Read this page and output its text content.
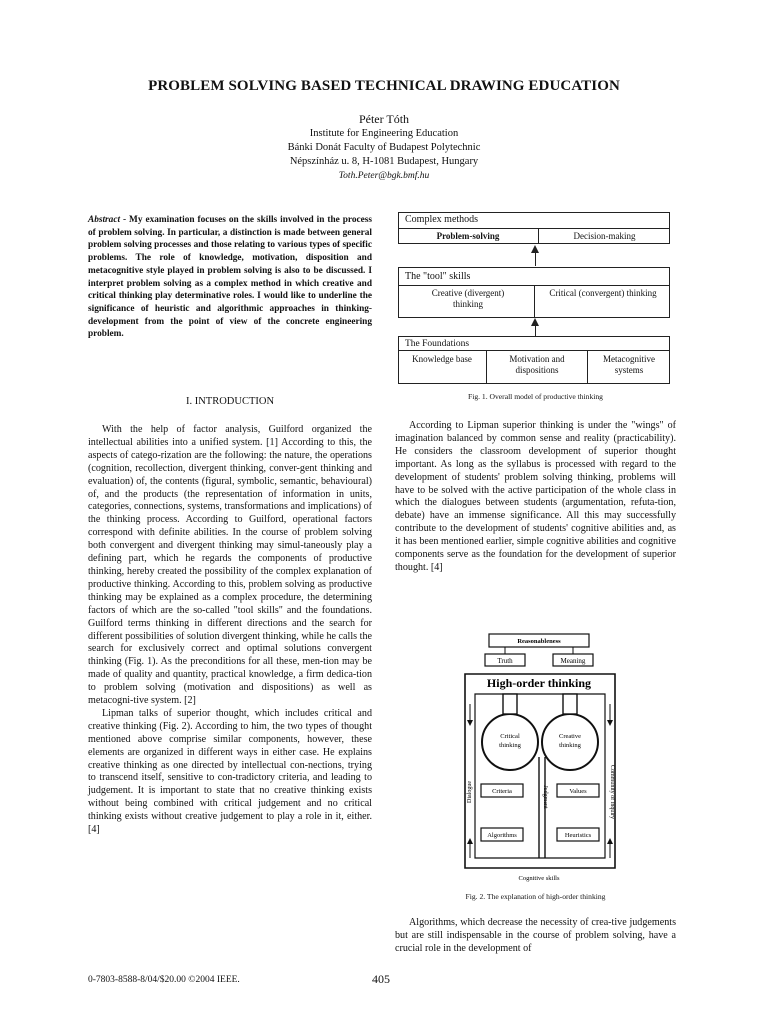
PROBLEM SOLVING BASED TECHNICAL DRAWING EDUCATION
Péter Tóth
Institute for Engineering Education
Bánki Donát Faculty of Budapest Polytechnic
Népszínház u. 8, H-1081 Budapest, Hungary
Toth.Peter@bgk.bmf.hu
Abstract - My examination focuses on the skills involved in the process of problem solving. In particular, a distinction is made between general problem solving processes and those relating to various types of specific problems. The role of knowledge, motivation, disposition and metacognitive style played in problem solving is also to be discussed. I interpret problem solving as a complex method in which creative and critical thinking play determinative roles. I would like to underline the significance of heuristic and algorithmic approaches in thinking-development from the point of view of the concrete engineering problem.
I. INTRODUCTION

With the help of factor analysis, Guilford organized the intellectual abilities into a unified system. [1] According to this, the aspects of catego-rization are the following: the nature, the operations (cognition, recollection, divergent thinking, conver-gent thinking and evaluation) of, the contents (figural, symbolic, semantic, behavioural) of, and the products (the representation of information in units, categories, connections, systems, transformations and implications) of the thinking process. According to Guilford, operational factors correspond with definite abilities. In the course of problem solving both convergent and divergent thinking may simul-taneously play a defining part, which he regards the components of productive thinking, hereby created the possibility of the complex explanation of productive thinking. According to this, problem solving as productive thinking may be explained as a complex procedure, the determining factors of which are the so-called "tool skills" and the foundations. Guilford terms thinking in different directions and the search for different possibilities of solution divergent thinking, while he calls the search for exclusively correct and optimal solutions convergent thinking (Fig. 1). As the preconditions for all these, men-tion may be made of quality and quantity, practical knowledge, a firm dedica-tion to problem solving (motivation and dispositions) as well as metacogni-tive system. [2]

Lipman talks of superior thought, which includes critical and creative thinking (Fig. 2). According to him, the two types of thought mentioned above comprise similar components, however, these elements are organized in different ways in either case. He explains creative thinking as one directed by intellectual con-nections, trying to transcend itself, sensitive to con-tradictory criteria, and leading to judgement. It is important to state that no creative thinking exists without being combined with critical judgement and no critical thinking exists without creative judgement to play a role in it, either. [4]

Complex methods
Problem-solving	Decision-making
The "tool" skills
Creative (divergent) thinking
Critical (convergent) thinking
The Foundations
Knowledge base	Motivation and dispositions
Metacognitive systems
Fig. 1. Overall model of productive thinking

According to Lipman superior thinking is under the "wings" of imagination balanced by common sense and reality (practicability). He considers the classroom development of superior thought important. As long as the syllabus is processed with regard to the development of students' problem solving thinking, problems will have to be solved with the active participation of the whole class in which the dialogues between students (argumentation, refuta-tion, debate) have an immense significance. All this may successfully contribute to the development of students' cognitive abilities and, as it has been mentioned earlier, simple cognitive abilities and cognitive components serve as the foundation for the development of superior thought. [4]

Reasonableness
Truth	Meaning
High-order thinking
Critical
thinking
Creative
thinking
Criteria	Values
Algorithms	Heuristics
Judgment
Dialogue	Community of inquiry
Cognitive skills
Fig. 2. The explanation of high-order thinking

Algorithms, which decrease the necessity of crea-tive judgements but are still indispensable in the course of problem solving, have a crucial role in the development of

0-7803-8588-8/04/$20.00 ©2004 IEEE.	405
